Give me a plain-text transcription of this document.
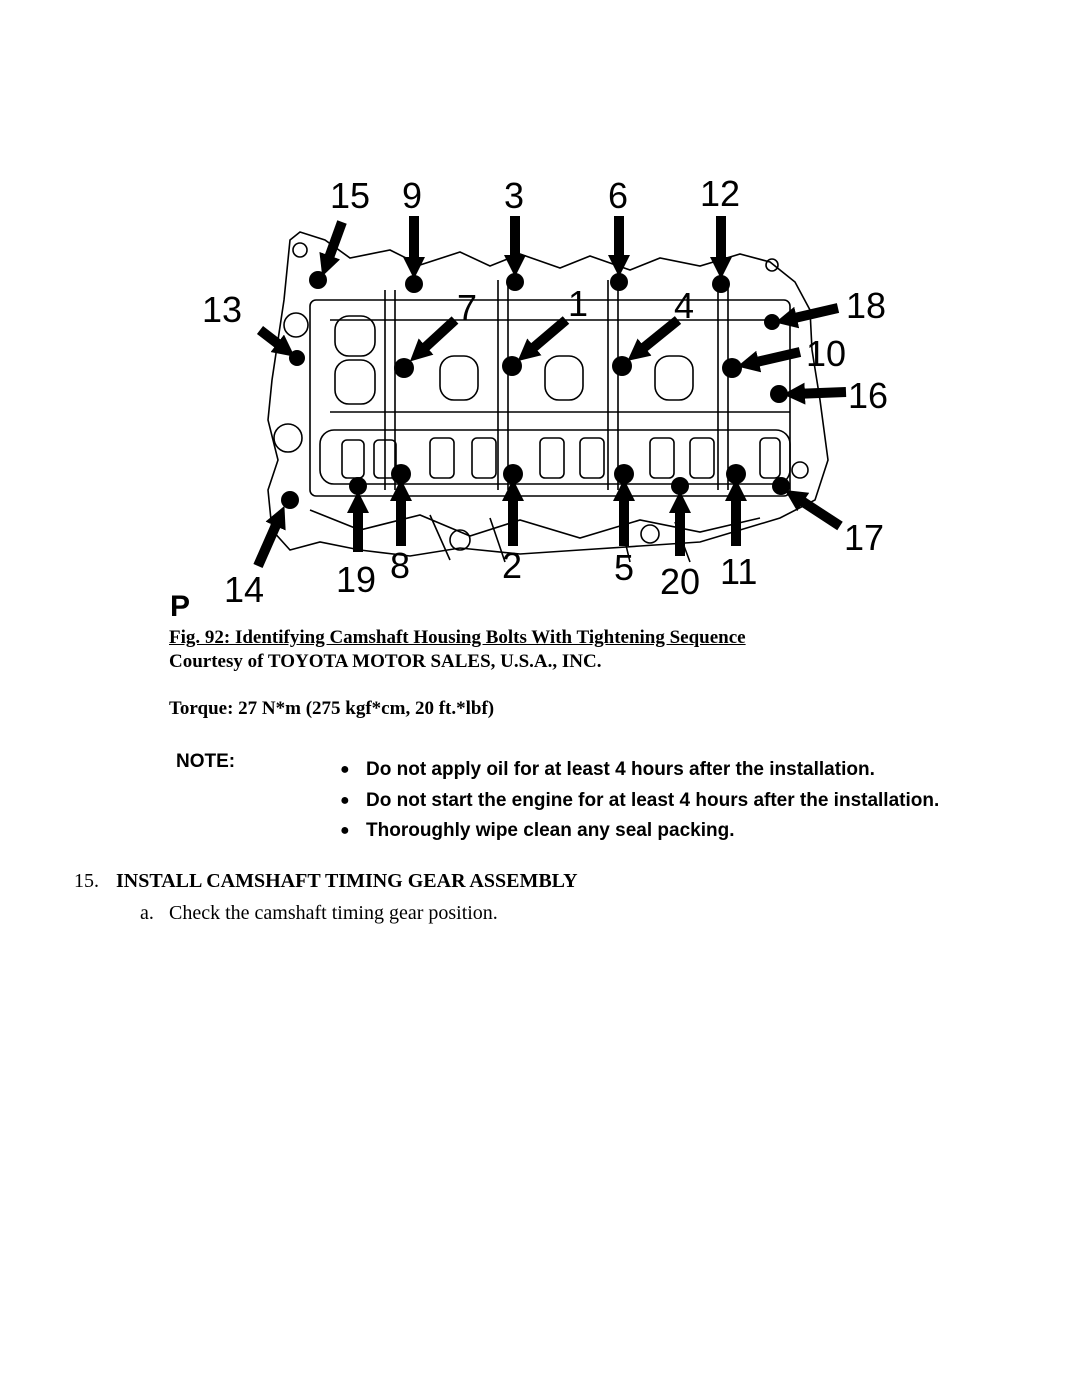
15 9 3 6 12
13	7	1 4	18
10
16
17
14 19 8	2	5 20 11
P
Fig. 92: Identifying Camshaft Housing Bolts With Tightening Sequence
Courtesy of TOYOTA MOTOR SALES, U.S.A., INC.
Torque: 27 N*m (275 kgf*cm, 20 ft.*lbf)
NOTE:	● Do not apply oil for at least 4 hours after the installation.
● Do not start the engine for at least 4 hours after the installation.
● Thoroughly wipe clean any seal packing.
15. INSTALL CAMSHAFT TIMING GEAR ASSEMBLY
a. Check the camshaft timing gear position.
